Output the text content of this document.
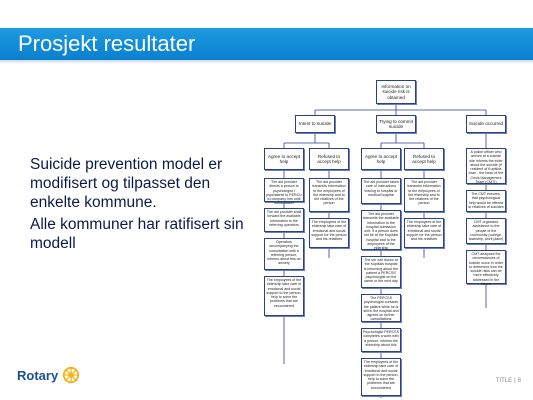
Prosjekt resultater
Suicide prevention model er modifisert og tilpasset den enkelte kommune.
Alle kommuner har ratifisert sin modell
Information on suicide risk is obtained
Intent to suicide
Trying to commit suicide
Suicide occurred
Agree to accept help
Refused to accept help
Agree to accept help
Refused to accept help
The aid provider directs a person to psychologist / psychiatrist to PERCU to company him until consultation
The aid provider shall forward the available information to the referring operators
Operators accompanying the consultation with a referring person, informs about this an anxiety
The employees of the eldership take care of emotional and social support to the person, help to solve the problems that are encountered
The aid provider transmits information to the employees of the eldership and to the relatives of the person
The employees of the eldership take care of emotional and social support for the person and his relatives
The aid provider takes care of instructions leaving to hospital or medical hospital
The aid provider transmits the available information to the hospital admission unit. If a person does not be at the Kupiškis hospital and to the employees of the eldership
The ser call doctor at the Kupiškis hospital is informing about the patient a PERCSS psychologist on the same or the next day
The PERCSS psychologist contacts the patient while he is still in the hospital and agrees on further consultations
Psychologist PERCSS completes a work with a person, informs the eldership about this
The employees of the eldership take care of emotional and social support to the person, help to solve the problems that are encountered
The aid provider transmits information to the employees of the eldership and to the relatives of the person
The employees of the eldership take care of emotional and social support for the person and his relatives
A police officer who arrives at a suicide site informs the elder about the suicide (if resident of Kupiškis town - the head of the Crisis Management Team (CMT))
The CMT ensures, that psychological help would be offered to relatives of suicides
CMT organizes assistance to the people of the community (college, township, work place)
CMT analyses the circumstances of suicide occur in order to determine how the suicide risks can be more effectively addressed in the future
Rotary	TITLE | 8
